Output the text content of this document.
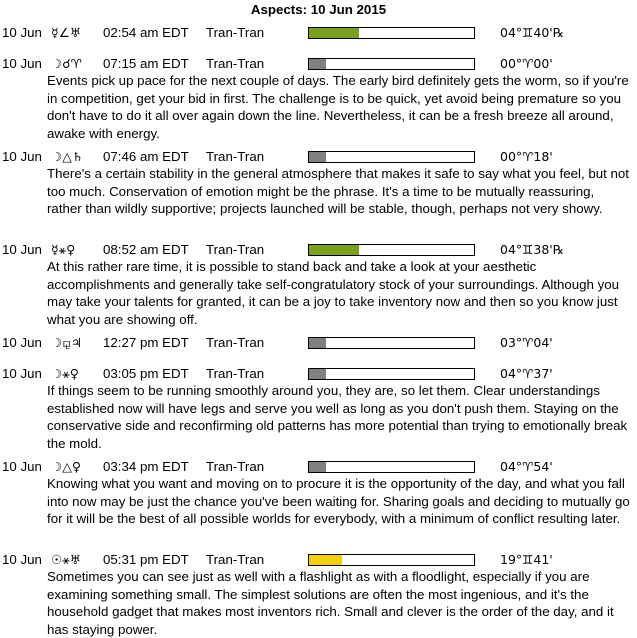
Aspects: 10 Jun 2015
10 Jun ☿∠♅ 02:54 am EDT Tran-Tran	04°♊40'℞
10 Jun ☽☌♈ 07:15 am EDT Tran-Tran	00°♈00'
Events pick up pace for the next couple of days. The early bird definitely gets the worm, so if you're in competition, get your bid in first. The challenge is to be quick, yet avoid being premature so you don't have to do it all over again down the line. Nevertheless, it can be a fresh breeze all around, awake with energy.
10 Jun ☽△♄ 07:46 am EDT Tran-Tran	00°♈18'
There's a certain stability in the general atmosphere that makes it safe to say what you feel, but not too much. Conservation of emotion might be the phrase. It's a time to be mutually reassuring, rather than wildly supportive; projects launched will be stable, though, perhaps not very showy.
10 Jun ☿⚹♀ 08:52 am EDT Tran-Tran	04°♊38'℞
At this rather rare time, it is possible to stand back and take a look at your aesthetic accomplishments and generally take self-congratulatory stock of your surroundings. Although you may take your talents for granted, it can be a joy to take inventory now and then so you know just what you are showing off.
10 Jun ☽⚼♃ 12:27 pm EDT Tran-Tran	03°♈04'
10 Jun ☽⚹♀ 03:05 pm EDT Tran-Tran	04°♈37'
If things seem to be running smoothly around you, they are, so let them. Clear understandings established now will have legs and serve you well as long as you don't push them. Staying on the conservative side and reconfirming old patterns has more potential than trying to emotionally break the mold.
10 Jun ☽△♀ 03:34 pm EDT Tran-Tran	04°♈54'
Knowing what you want and moving on to procure it is the opportunity of the day, and what you fall into now may be just the chance you've been waiting for. Sharing goals and deciding to mutually go for it will be the best of all possible worlds for everybody, with a minimum of conflict resulting later.
10 Jun ☉⚹♅ 05:31 pm EDT Tran-Tran	19°♊41'
Sometimes you can see just as well with a flashlight as with a floodlight, especially if you are examining something small. The simplest solutions are often the most ingenious, and it's the household gadget that makes most inventors rich. Small and clever is the order of the day, and it has staying power.
